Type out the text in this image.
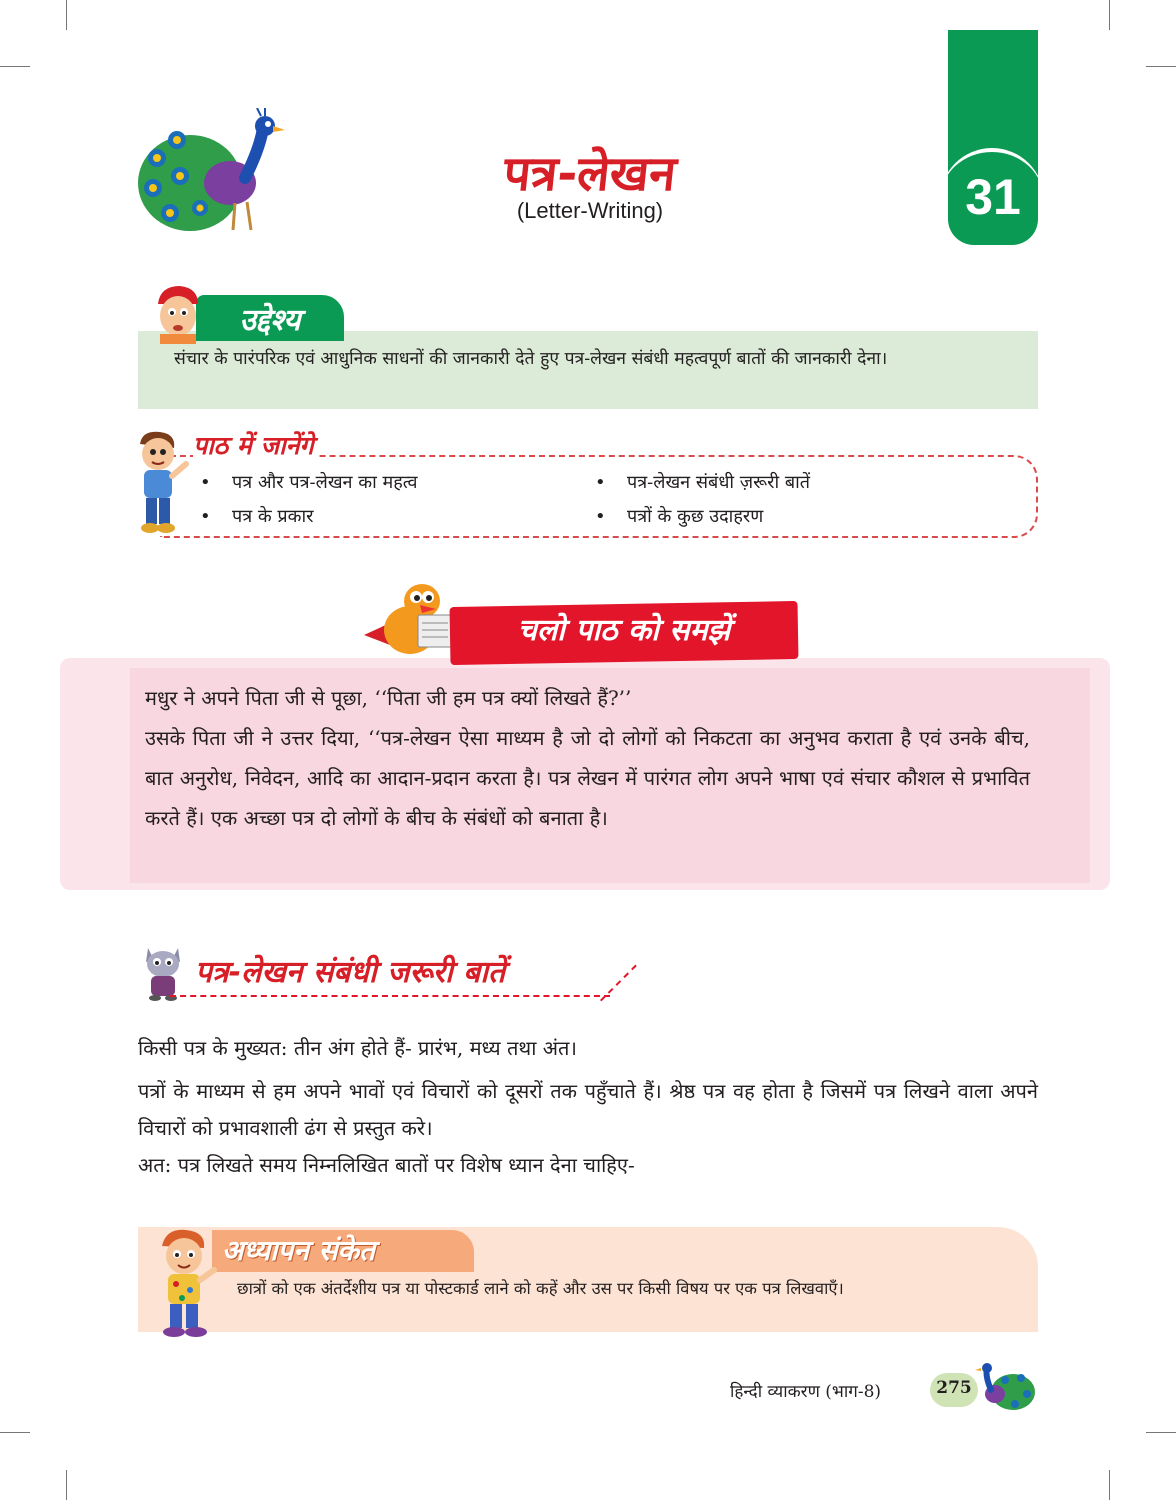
पत्र-लेखन
(Letter-Writing)	31
उद्देश्य
संचार के पारंपरिक एवं आधुनिक साधनों की जानकारी देते हुए पत्र-लेखन संबंधी महत्वपूर्ण बातों की जानकारी देना।
पाठ में जानेंगे
• पत्र और पत्र-लेखन का महत्व	• पत्र-लेखन संबंधी ज़रूरी बातें
• पत्र के प्रकार	• पत्रों के कुछ उदाहरण
चलो पाठ को समझें

मधुर ने अपने पिता जी से पूछा, ‘‘पिता जी हम पत्र क्यों लिखते हैं?’’

उसके पिता जी ने उत्तर दिया, ‘‘पत्र-लेखन ऐसा माध्यम है जो दो लोगों को निकटता का अनुभव कराता है एवं उनके बीच, बात अनुरोध, निवेदन, आदि का आदान-प्रदान करता है। पत्र लेखन में पारंगत लोग अपने भाषा एवं संचार कौशल से प्रभावित करते हैं। एक अच्छा पत्र दो लोगों के बीच के संबंधों को बनाता है।

पत्र-लेखन संबंधी जरूरी बातें

किसी पत्र के मुख्यत: तीन अंग होते हैं- प्रारंभ, मध्य तथा अंत।

पत्रों के माध्यम से हम अपने भावों एवं विचारों को दूसरों तक पहुँचाते हैं। श्रेष्ठ पत्र वह होता है जिसमें पत्र लिखने वाला अपने विचारों को प्रभावशाली ढंग से प्रस्तुत करे।

अत: पत्र लिखते समय निम्नलिखित बातों पर विशेष ध्यान देना चाहिए-

अध्यापन संकेत
छात्रों को एक अंतर्देशीय पत्र या पोस्टकार्ड लाने को कहें और उस पर किसी विषय पर एक पत्र लिखवाएँ।
हिन्दी व्याकरण (भाग-8)	275
